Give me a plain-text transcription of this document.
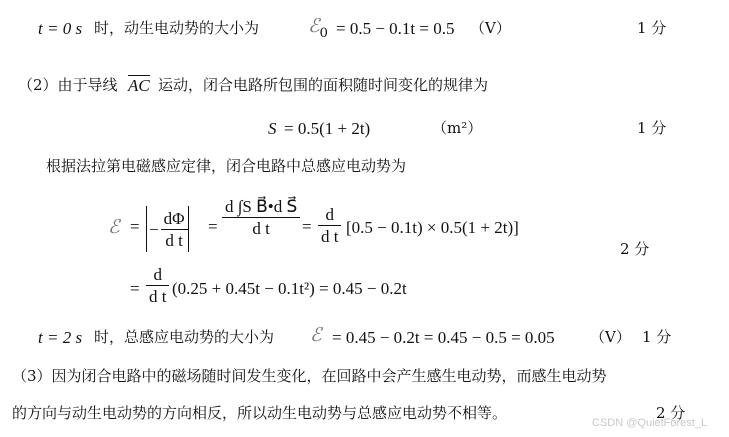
t = 0 s 时，动生电动势的大小为	ℰ$_0$ = 0.5 − 0.1t = 0.5 （V）	1 分
（2）由于导线 AC 运动，闭合电路所包围的面积随时间变化的规律为
S = 0.5(1 + 2t)	（m²）	1 分
根据法拉第电磁感应定律，闭合电路中总感应电动势为
ℰ = − $\frac{d\Phi}{\text{d t}} = \frac{\text{d ∫S B⃗•d S⃗}}{\text{d t}} = \frac{d}{\text{d t}} [0.5 - 0.1t) \times 0.5(1 + 2t)$]
2 分
= $\frac{d}{\text{d t}} (0.25 + 0.45t - 0.1t^2) = 0.45 - 0.2t$
t = 2 s 时，总感应电动势的大小为 ℰ = 0.45 − 0.2t = 0.45 − 0.5 = 0.05 （V） 1 分
（3）因为闭合电路中的磁场随时间发生变化，在回路中会产生感生电动势，而感生电动势
的方向与动生电动势的方向相反，所以动生电动势与总感应电动势不相等。
CSDN @QuietForest_L
2 分
